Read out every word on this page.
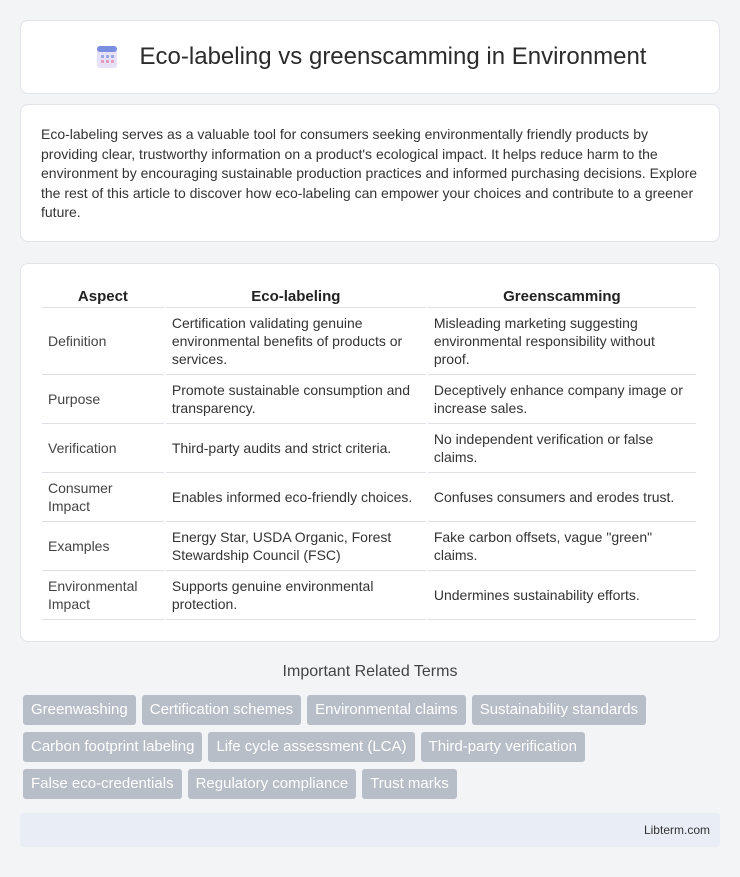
Eco-labeling vs greenscamming in Environment

Eco-labeling serves as a valuable tool for consumers seeking environmentally friendly products by providing clear, trustworthy information on a product's ecological impact. It helps reduce harm to the environment by encouraging sustainable production practices and informed purchasing decisions. Explore the rest of this article to discover how eco-labeling can empower your choices and contribute to a greener future.

Aspect	Eco-labeling	Greenscamming
Definition	Certification validating genuine environmental benefits of products or services.	Misleading marketing suggesting environmental responsibility without proof.
Purpose	Promote sustainable consumption and transparency.	Deceptively enhance company image or increase sales.
Verification	Third-party audits and strict criteria.	No independent verification or false claims.
Consumer Impact	Enables informed eco-friendly choices.	Confuses consumers and erodes trust.
Examples	Energy Star, USDA Organic, Forest Stewardship Council (FSC)	Fake carbon offsets, vague "green" claims.
Environmental Impact	Supports genuine environmental protection.	Undermines sustainability efforts.
Important Related Terms
Greenwashing	Certification schemes	Environmental claims	Sustainability standards
Carbon footprint labeling	Life cycle assessment (LCA)	Third-party verification
False eco-credentials	Regulatory compliance	Trust marks
Libterm.com
